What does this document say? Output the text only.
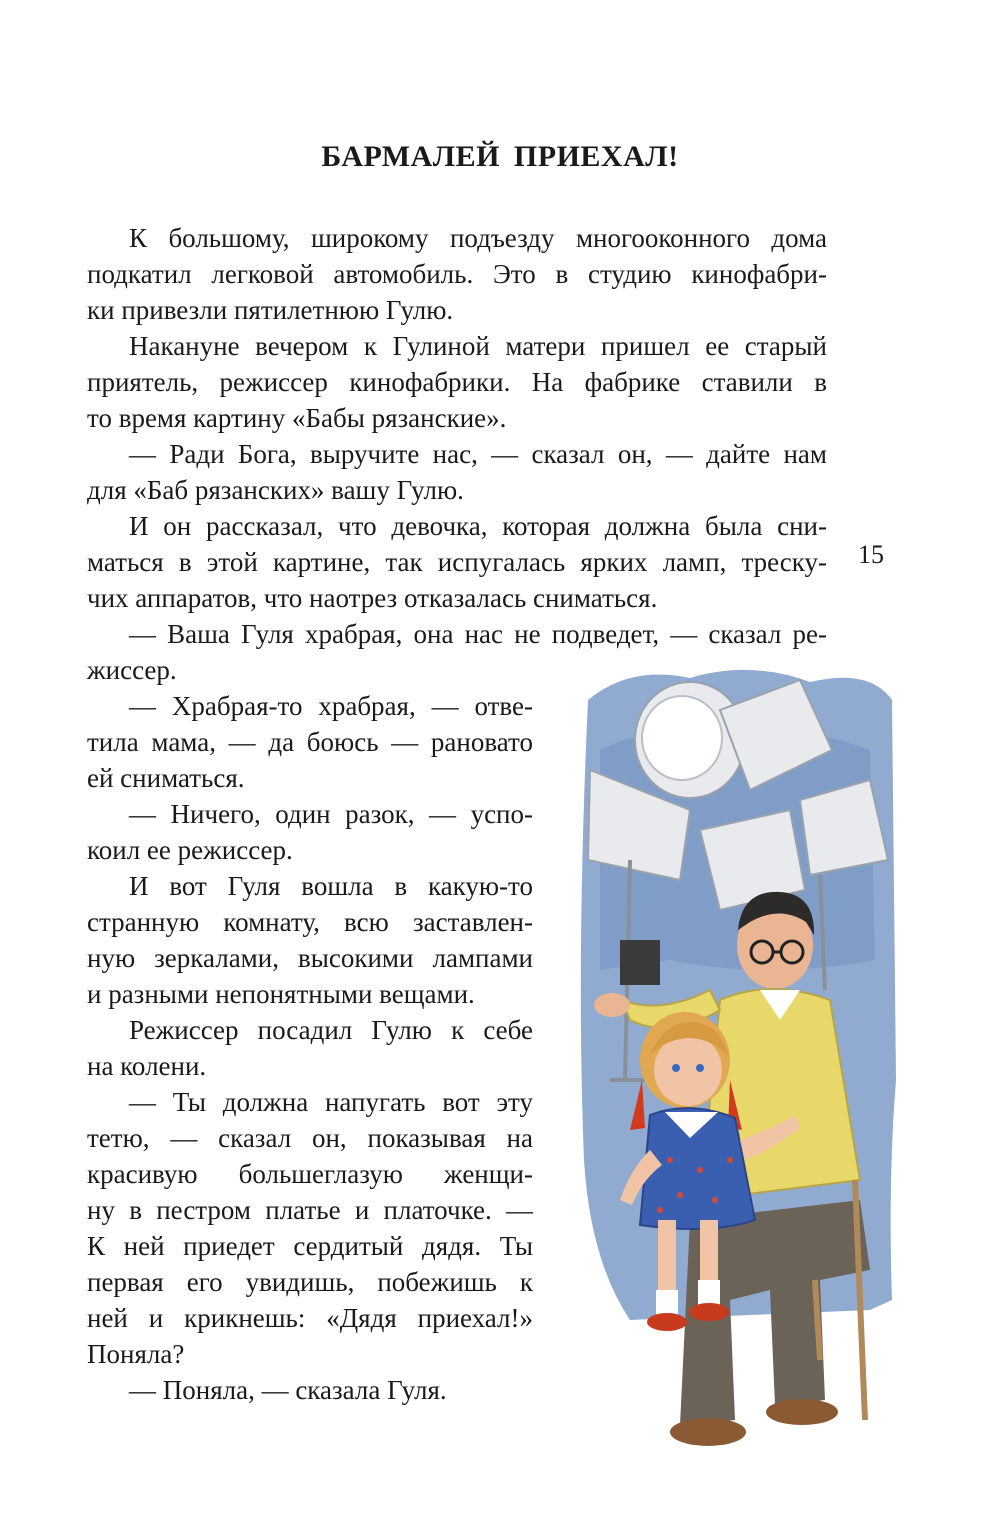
БАРМАЛЕЙ ПРИЕХАЛ!

К большому, широкому подъезду многооконного дома

подкатил легковой автомобиль. Это в студию кинофабри-

ки привезли пятилетнюю Гулю.

Накануне вечером к Гулиной матери пришел ее старый

приятель, режиссер кинофабрики. На фабрике ставили в

то время картину «Бабы рязанские».

— Ради Бога, выручите нас, — сказал он, — дайте нам

для «Баб рязанских» вашу Гулю.

И он рассказал, что девочка, которая должна была сни-

маться в этой картине, так испугалась ярких ламп, треску-

чих аппаратов, что наотрез отказалась сниматься.

— Ваша Гуля храбрая, она нас не подведет, — сказал ре-

жиссер.

— Храбрая-то храбрая, — отве-

тила мама, — да боюсь — рановато

ей сниматься.

— Ничего, один разок, — успо-

коил ее режиссер.

И вот Гуля вошла в какую-то

странную комнату, всю заставлен-

ную зеркалами, высокими лампами

и разными непонятными вещами.

Режиссер посадил Гулю к себе

на колени.

— Ты должна напугать вот эту

тетю, — сказал он, показывая на

красивую большеглазую женщи-

ну в пестром платье и платочке. —

К ней приедет сердитый дядя. Ты

первая его увидишь, побежишь к

ней и крикнешь: «Дядя приехал!»

Поняла?

— Поняла, — сказала Гуля.

15
